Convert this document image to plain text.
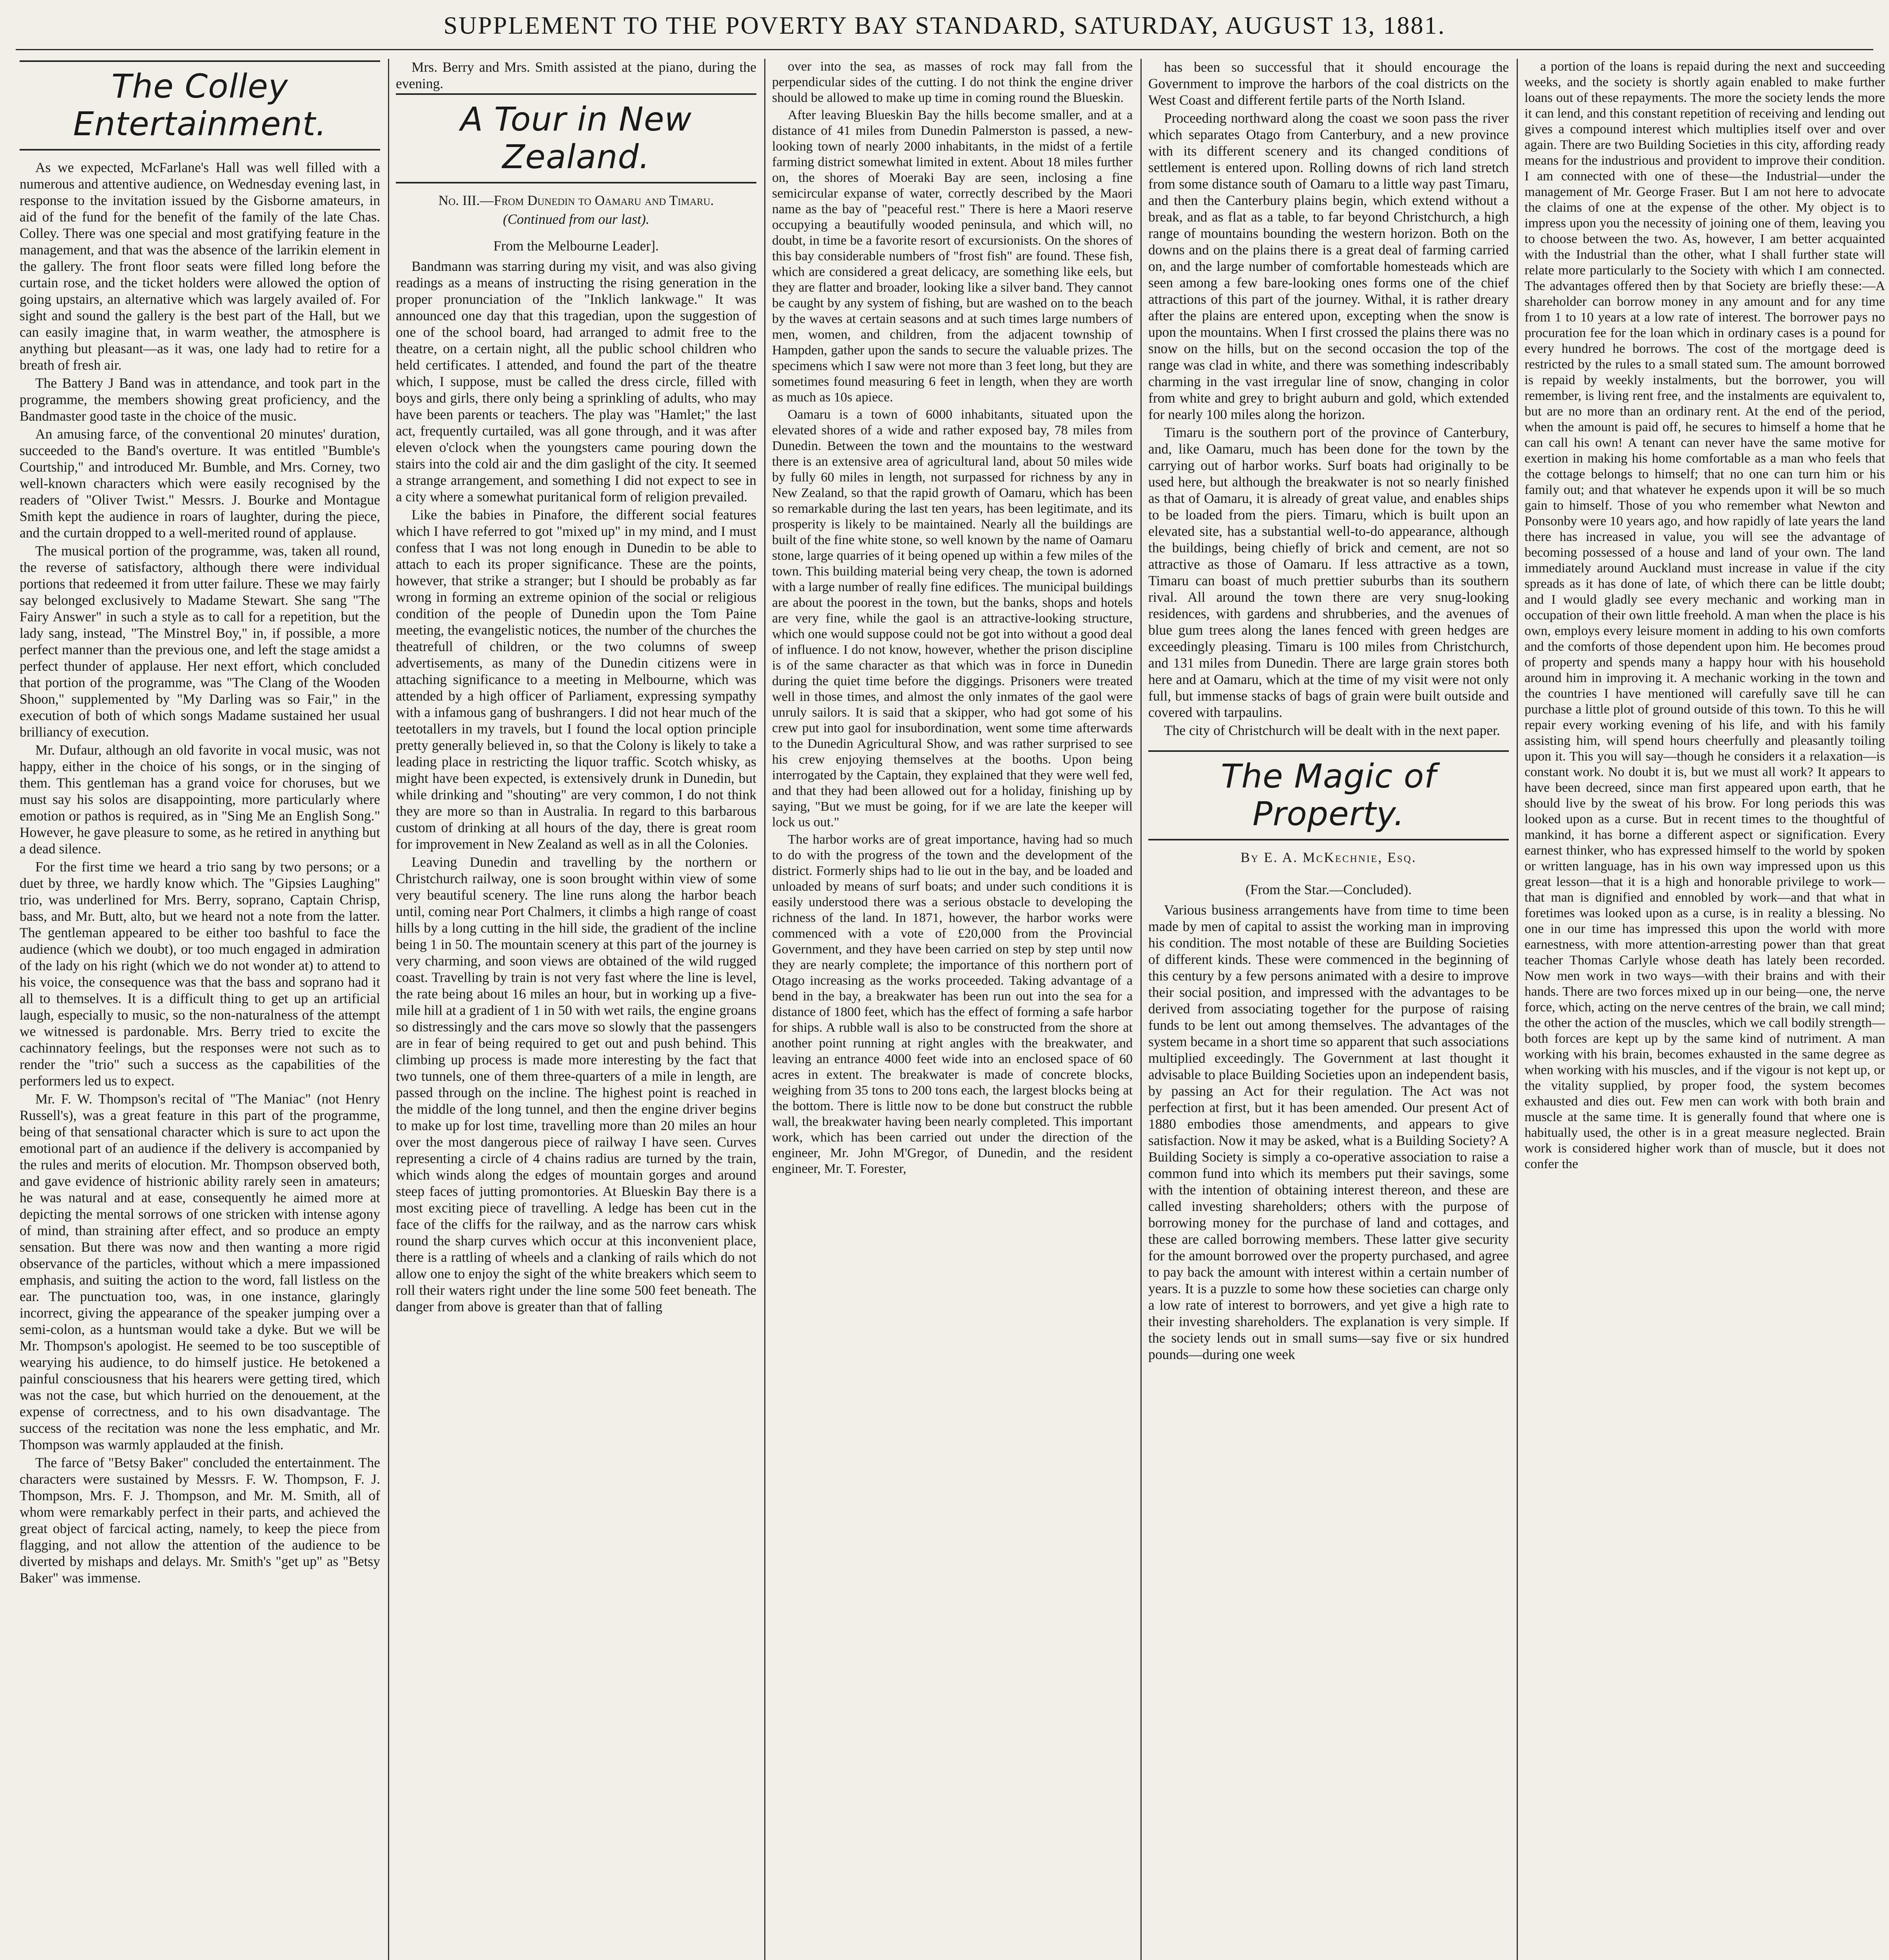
SUPPLEMENT TO THE POVERTY BAY STANDARD, SATURDAY, AUGUST 13, 1881.
The Colley Entertainment.

As we expected, McFarlane's Hall was well filled with a numerous and attentive audience, on Wednesday evening last, in response to the invitation issued by the Gisborne amateurs, in aid of the fund for the benefit of the family of the late Chas. Colley. There was one special and most gratifying feature in the management, and that was the absence of the larrikin element in the gallery. The front floor seats were filled long before the curtain rose, and the ticket holders were allowed the option of going upstairs, an alternative which was largely availed of. For sight and sound the gallery is the best part of the Hall, but we can easily imagine that, in warm weather, the atmosphere is anything but pleasant—as it was, one lady had to retire for a breath of fresh air.

The Battery J Band was in attendance, and took part in the programme, the members showing great proficiency, and the Bandmaster good taste in the choice of the music.

An amusing farce, of the conventional 20 minutes' duration, succeeded to the Band's overture. It was entitled "Bumble's Courtship," and introduced Mr. Bumble, and Mrs. Corney, two well-known characters which were easily recognised by the readers of "Oliver Twist." Messrs. J. Bourke and Montague Smith kept the audience in roars of laughter, during the piece, and the curtain dropped to a well-merited round of applause.

The musical portion of the programme, was, taken all round, the reverse of satisfactory, although there were individual portions that redeemed it from utter failure. These we may fairly say belonged exclusively to Madame Stewart. She sang "The Fairy Answer" in such a style as to call for a repetition, but the lady sang, instead, "The Minstrel Boy," in, if possible, a more perfect manner than the previous one, and left the stage amidst a perfect thunder of applause. Her next effort, which concluded that portion of the programme, was "The Clang of the Wooden Shoon," supplemented by "My Darling was so Fair," in the execution of both of which songs Madame sustained her usual brilliancy of execution.

Mr. Dufaur, although an old favorite in vocal music, was not happy, either in the choice of his songs, or in the singing of them. This gentleman has a grand voice for choruses, but we must say his solos are disappointing, more particularly where emotion or pathos is required, as in "Sing Me an English Song." However, he gave pleasure to some, as he retired in anything but a dead silence.

For the first time we heard a trio sang by two persons; or a duet by three, we hardly know which. The "Gipsies Laughing" trio, was underlined for Mrs. Berry, soprano, Captain Chrisp, bass, and Mr. Butt, alto, but we heard not a note from the latter. The gentleman appeared to be either too bashful to face the audience (which we doubt), or too much engaged in admiration of the lady on his right (which we do not wonder at) to attend to his voice, the consequence was that the bass and soprano had it all to themselves. It is a difficult thing to get up an artificial laugh, especially to music, so the non-naturalness of the attempt we witnessed is pardonable. Mrs. Berry tried to excite the cachinnatory feelings, but the responses were not such as to render the "trio" such a success as the capabilities of the performers led us to expect.

Mr. F. W. Thompson's recital of "The Maniac" (not Henry Russell's), was a great feature in this part of the programme, being of that sensational character which is sure to act upon the emotional part of an audience if the delivery is accompanied by the rules and merits of elocution. Mr. Thompson observed both, and gave evidence of histrionic ability rarely seen in amateurs; he was natural and at ease, consequently he aimed more at depicting the mental sorrows of one stricken with intense agony of mind, than straining after effect, and so produce an empty sensation. But there was now and then wanting a more rigid observance of the particles, without which a mere impassioned emphasis, and suiting the action to the word, fall listless on the ear. The punctuation too, was, in one instance, glaringly incorrect, giving the appearance of the speaker jumping over a semi-colon, as a huntsman would take a dyke. But we will be Mr. Thompson's apologist. He seemed to be too susceptible of wearying his audience, to do himself justice. He betokened a painful consciousness that his hearers were getting tired, which was not the case, but which hurried on the denouement, at the expense of correctness, and to his own disadvantage. The success of the recitation was none the less emphatic, and Mr. Thompson was warmly applauded at the finish.

The farce of "Betsy Baker" concluded the entertainment. The characters were sustained by Messrs. F. W. Thompson, F. J. Thompson, Mrs. F. J. Thompson, and Mr. M. Smith, all of whom were remarkably perfect in their parts, and achieved the great object of farcical acting, namely, to keep the piece from flagging, and not allow the attention of the audience to be diverted by mishaps and delays. Mr. Smith's "get up" as "Betsy Baker" was immense.

Mrs. Berry and Mrs. Smith assisted at the piano, during the evening.

A Tour in New Zealand.
No. III.—From Dunedin to Oamaru and Timaru.
(Continued from our last).
From the Melbourne Leader].

Bandmann was starring during my visit, and was also giving readings as a means of instructing the rising generation in the proper pronunciation of the "Inklich lankwage." It was announced one day that this tragedian, upon the suggestion of one of the school board, had arranged to admit free to the theatre, on a certain night, all the public school children who held certificates. I attended, and found the part of the theatre which, I suppose, must be called the dress circle, filled with boys and girls, there only being a sprinkling of adults, who may have been parents or teachers. The play was "Hamlet;" the last act, frequently curtailed, was all gone through, and it was after eleven o'clock when the youngsters came pouring down the stairs into the cold air and the dim gaslight of the city. It seemed a strange arrangement, and something I did not expect to see in a city where a somewhat puritanical form of religion prevailed.

Like the babies in Pinafore, the different social features which I have referred to got "mixed up" in my mind, and I must confess that I was not long enough in Dunedin to be able to attach to each its proper significance. These are the points, however, that strike a stranger; but I should be probably as far wrong in forming an extreme opinion of the social or religious condition of the people of Dunedin upon the Tom Paine meeting, the evangelistic notices, the number of the churches the theatrefull of children, or the two columns of sweep advertisements, as many of the Dunedin citizens were in attaching significance to a meeting in Melbourne, which was attended by a high officer of Parliament, expressing sympathy with a infamous gang of bushrangers. I did not hear much of the teetotallers in my travels, but I found the local option principle pretty generally believed in, so that the Colony is likely to take a leading place in restricting the liquor traffic. Scotch whisky, as might have been expected, is extensively drunk in Dunedin, but while drinking and "shouting" are very common, I do not think they are more so than in Australia. In regard to this barbarous custom of drinking at all hours of the day, there is great room for improvement in New Zealand as well as in all the Colonies.

Leaving Dunedin and travelling by the northern or Christchurch railway, one is soon brought within view of some very beautiful scenery. The line runs along the harbor beach until, coming near Port Chalmers, it climbs a high range of coast hills by a long cutting in the hill side, the gradient of the incline being 1 in 50. The mountain scenery at this part of the journey is very charming, and soon views are obtained of the wild rugged coast. Travelling by train is not very fast where the line is level, the rate being about 16 miles an hour, but in working up a five-mile hill at a gradient of 1 in 50 with wet rails, the engine groans so distressingly and the cars move so slowly that the passengers are in fear of being required to get out and push behind. This climbing up process is made more interesting by the fact that two tunnels, one of them three-quarters of a mile in length, are passed through on the incline. The highest point is reached in the middle of the long tunnel, and then the engine driver begins to make up for lost time, travelling more than 20 miles an hour over the most dangerous piece of railway I have seen. Curves representing a circle of 4 chains radius are turned by the train, which winds along the edges of mountain gorges and around steep faces of jutting promontories. At Blueskin Bay there is a most exciting piece of travelling. A ledge has been cut in the face of the cliffs for the railway, and as the narrow cars whisk round the sharp curves which occur at this inconvenient place, there is a rattling of wheels and a clanking of rails which do not allow one to enjoy the sight of the white breakers which seem to roll their waters right under the line some 500 feet beneath. The danger from above is greater than that of falling

over into the sea, as masses of rock may fall from the perpendicular sides of the cutting. I do not think the engine driver should be allowed to make up time in coming round the Blueskin.

After leaving Blueskin Bay the hills become smaller, and at a distance of 41 miles from Dunedin Palmerston is passed, a new-looking town of nearly 2000 inhabitants, in the midst of a fertile farming district somewhat limited in extent. About 18 miles further on, the shores of Moeraki Bay are seen, inclosing a fine semicircular expanse of water, correctly described by the Maori name as the bay of "peaceful rest." There is here a Maori reserve occupying a beautifully wooded peninsula, and which will, no doubt, in time be a favorite resort of excursionists. On the shores of this bay considerable numbers of "frost fish" are found. These fish, which are considered a great delicacy, are something like eels, but they are flatter and broader, looking like a silver band. They cannot be caught by any system of fishing, but are washed on to the beach by the waves at certain seasons and at such times large numbers of men, women, and children, from the adjacent township of Hampden, gather upon the sands to secure the valuable prizes. The specimens which I saw were not more than 3 feet long, but they are sometimes found measuring 6 feet in length, when they are worth as much as 10s apiece.

Oamaru is a town of 6000 inhabitants, situated upon the elevated shores of a wide and rather exposed bay, 78 miles from Dunedin. Between the town and the mountains to the westward there is an extensive area of agricultural land, about 50 miles wide by fully 60 miles in length, not surpassed for richness by any in New Zealand, so that the rapid growth of Oamaru, which has been so remarkable during the last ten years, has been legitimate, and its prosperity is likely to be maintained. Nearly all the buildings are built of the fine white stone, so well known by the name of Oamaru stone, large quarries of it being opened up within a few miles of the town. This building material being very cheap, the town is adorned with a large number of really fine edifices. The municipal buildings are about the poorest in the town, but the banks, shops and hotels are very fine, while the gaol is an attractive-looking structure, which one would suppose could not be got into without a good deal of influence. I do not know, however, whether the prison discipline is of the same character as that which was in force in Dunedin during the quiet time before the diggings. Prisoners were treated well in those times, and almost the only inmates of the gaol were unruly sailors. It is said that a skipper, who had got some of his crew put into gaol for insubordination, went some time afterwards to the Dunedin Agricultural Show, and was rather surprised to see his crew enjoying themselves at the booths. Upon being interrogated by the Captain, they explained that they were well fed, and that they had been allowed out for a holiday, finishing up by saying, "But we must be going, for if we are late the keeper will lock us out."

The harbor works are of great importance, having had so much to do with the progress of the town and the development of the district. Formerly ships had to lie out in the bay, and be loaded and unloaded by means of surf boats; and under such conditions it is easily understood there was a serious obstacle to developing the richness of the land. In 1871, however, the harbor works were commenced with a vote of £20,000 from the Provincial Government, and they have been carried on step by step until now they are nearly complete; the importance of this northern port of Otago increasing as the works proceeded. Taking advantage of a bend in the bay, a breakwater has been run out into the sea for a distance of 1800 feet, which has the effect of forming a safe harbor for ships. A rubble wall is also to be constructed from the shore at another point running at right angles with the breakwater, and leaving an entrance 4000 feet wide into an enclosed space of 60 acres in extent. The breakwater is made of concrete blocks, weighing from 35 tons to 200 tons each, the largest blocks being at the bottom. There is little now to be done but construct the rubble wall, the breakwater having been nearly completed. This important work, which has been carried out under the direction of the engineer, Mr. John M'Gregor, of Dunedin, and the resident engineer, Mr. T. Forester,

has been so successful that it should encourage the Government to improve the harbors of the coal districts on the West Coast and different fertile parts of the North Island.

Proceeding northward along the coast we soon pass the river which separates Otago from Canterbury, and a new province with its different scenery and its changed conditions of settlement is entered upon. Rolling downs of rich land stretch from some distance south of Oamaru to a little way past Timaru, and then the Canterbury plains begin, which extend without a break, and as flat as a table, to far beyond Christchurch, a high range of mountains bounding the western horizon. Both on the downs and on the plains there is a great deal of farming carried on, and the large number of comfortable homesteads which are seen among a few bare-looking ones forms one of the chief attractions of this part of the journey. Withal, it is rather dreary after the plains are entered upon, excepting when the snow is upon the mountains. When I first crossed the plains there was no snow on the hills, but on the second occasion the top of the range was clad in white, and there was something indescribably charming in the vast irregular line of snow, changing in color from white and grey to bright auburn and gold, which extended for nearly 100 miles along the horizon.

Timaru is the southern port of the province of Canterbury, and, like Oamaru, much has been done for the town by the carrying out of harbor works. Surf boats had originally to be used here, but although the breakwater is not so nearly finished as that of Oamaru, it is already of great value, and enables ships to be loaded from the piers. Timaru, which is built upon an elevated site, has a substantial well-to-do appearance, although the buildings, being chiefly of brick and cement, are not so attractive as those of Oamaru. If less attractive as a town, Timaru can boast of much prettier suburbs than its southern rival. All around the town there are very snug-looking residences, with gardens and shrubberies, and the avenues of blue gum trees along the lanes fenced with green hedges are exceedingly pleasing. Timaru is 100 miles from Christchurch, and 131 miles from Dunedin. There are large grain stores both here and at Oamaru, which at the time of my visit were not only full, but immense stacks of bags of grain were built outside and covered with tarpaulins.

The city of Christchurch will be dealt with in the next paper.

The Magic of Property.
By E. A. McKechnie, Esq.
(From the Star.—Concluded).

Various business arrangements have from time to time been made by men of capital to assist the working man in improving his condition. The most notable of these are Building Societies of different kinds. These were commenced in the beginning of this century by a few persons animated with a desire to improve their social position, and impressed with the advantages to be derived from associating together for the purpose of raising funds to be lent out among themselves. The advantages of the system became in a short time so apparent that such associations multiplied exceedingly. The Government at last thought it advisable to place Building Societies upon an independent basis, by passing an Act for their regulation. The Act was not perfection at first, but it has been amended. Our present Act of 1880 embodies those amendments, and appears to give satisfaction. Now it may be asked, what is a Building Society? A Building Society is simply a co-operative association to raise a common fund into which its members put their savings, some with the intention of obtaining interest thereon, and these are called investing shareholders; others with the purpose of borrowing money for the purchase of land and cottages, and these are called borrowing members. These latter give security for the amount borrowed over the property purchased, and agree to pay back the amount with interest within a certain number of years. It is a puzzle to some how these societies can charge only a low rate of interest to borrowers, and yet give a high rate to their investing shareholders. The explanation is very simple. If the society lends out in small sums—say five or six hundred pounds—during one week

a portion of the loans is repaid during the next and succeeding weeks, and the society is shortly again enabled to make further loans out of these repayments. The more the society lends the more it can lend, and this constant repetition of receiving and lending out gives a compound interest which multiplies itself over and over again. There are two Building Societies in this city, affording ready means for the industrious and provident to improve their condition. I am connected with one of these—the Industrial—under the management of Mr. George Fraser. But I am not here to advocate the claims of one at the expense of the other. My object is to impress upon you the necessity of joining one of them, leaving you to choose between the two. As, however, I am better acquainted with the Industrial than the other, what I shall further state will relate more particularly to the Society with which I am connected. The advantages offered then by that Society are briefly these:—A shareholder can borrow money in any amount and for any time from 1 to 10 years at a low rate of interest. The borrower pays no procuration fee for the loan which in ordinary cases is a pound for every hundred he borrows. The cost of the mortgage deed is restricted by the rules to a small stated sum. The amount borrowed is repaid by weekly instalments, but the borrower, you will remember, is living rent free, and the instalments are equivalent to, but are no more than an ordinary rent. At the end of the period, when the amount is paid off, he secures to himself a home that he can call his own! A tenant can never have the same motive for exertion in making his home comfortable as a man who feels that the cottage belongs to himself; that no one can turn him or his family out; and that whatever he expends upon it will be so much gain to himself. Those of you who remember what Newton and Ponsonby were 10 years ago, and how rapidly of late years the land there has increased in value, you will see the advantage of becoming possessed of a house and land of your own. The land immediately around Auckland must increase in value if the city spreads as it has done of late, of which there can be little doubt; and I would gladly see every mechanic and working man in occupation of their own little freehold. A man when the place is his own, employs every leisure moment in adding to his own comforts and the comforts of those dependent upon him. He becomes proud of property and spends many a happy hour with his household around him in improving it. A mechanic working in the town and the countries I have mentioned will carefully save till he can purchase a little plot of ground outside of this town. To this he will repair every working evening of his life, and with his family assisting him, will spend hours cheerfully and pleasantly toiling upon it. This you will say—though he considers it a relaxation—is constant work. No doubt it is, but we must all work? It appears to have been decreed, since man first appeared upon earth, that he should live by the sweat of his brow. For long periods this was looked upon as a curse. But in recent times to the thoughtful of mankind, it has borne a different aspect or signification. Every earnest thinker, who has expressed himself to the world by spoken or written language, has in his own way impressed upon us this great lesson—that it is a high and honorable privilege to work—that man is dignified and ennobled by work—and that what in foretimes was looked upon as a curse, is in reality a blessing. No one in our time has impressed this upon the world with more earnestness, with more attention-arresting power than that great teacher Thomas Carlyle whose death has lately been recorded. Now men work in two ways—with their brains and with their hands. There are two forces mixed up in our being—one, the nerve force, which, acting on the nerve centres of the brain, we call mind; the other the action of the muscles, which we call bodily strength—both forces are kept up by the same kind of nutriment. A man working with his brain, becomes exhausted in the same degree as when working with his muscles, and if the vigour is not kept up, or the vitality supplied, by proper food, the system becomes exhausted and dies out. Few men can work with both brain and muscle at the same time. It is generally found that where one is habitually used, the other is in a great measure neglected. Brain work is considered higher work than of muscle, but it does not confer the
